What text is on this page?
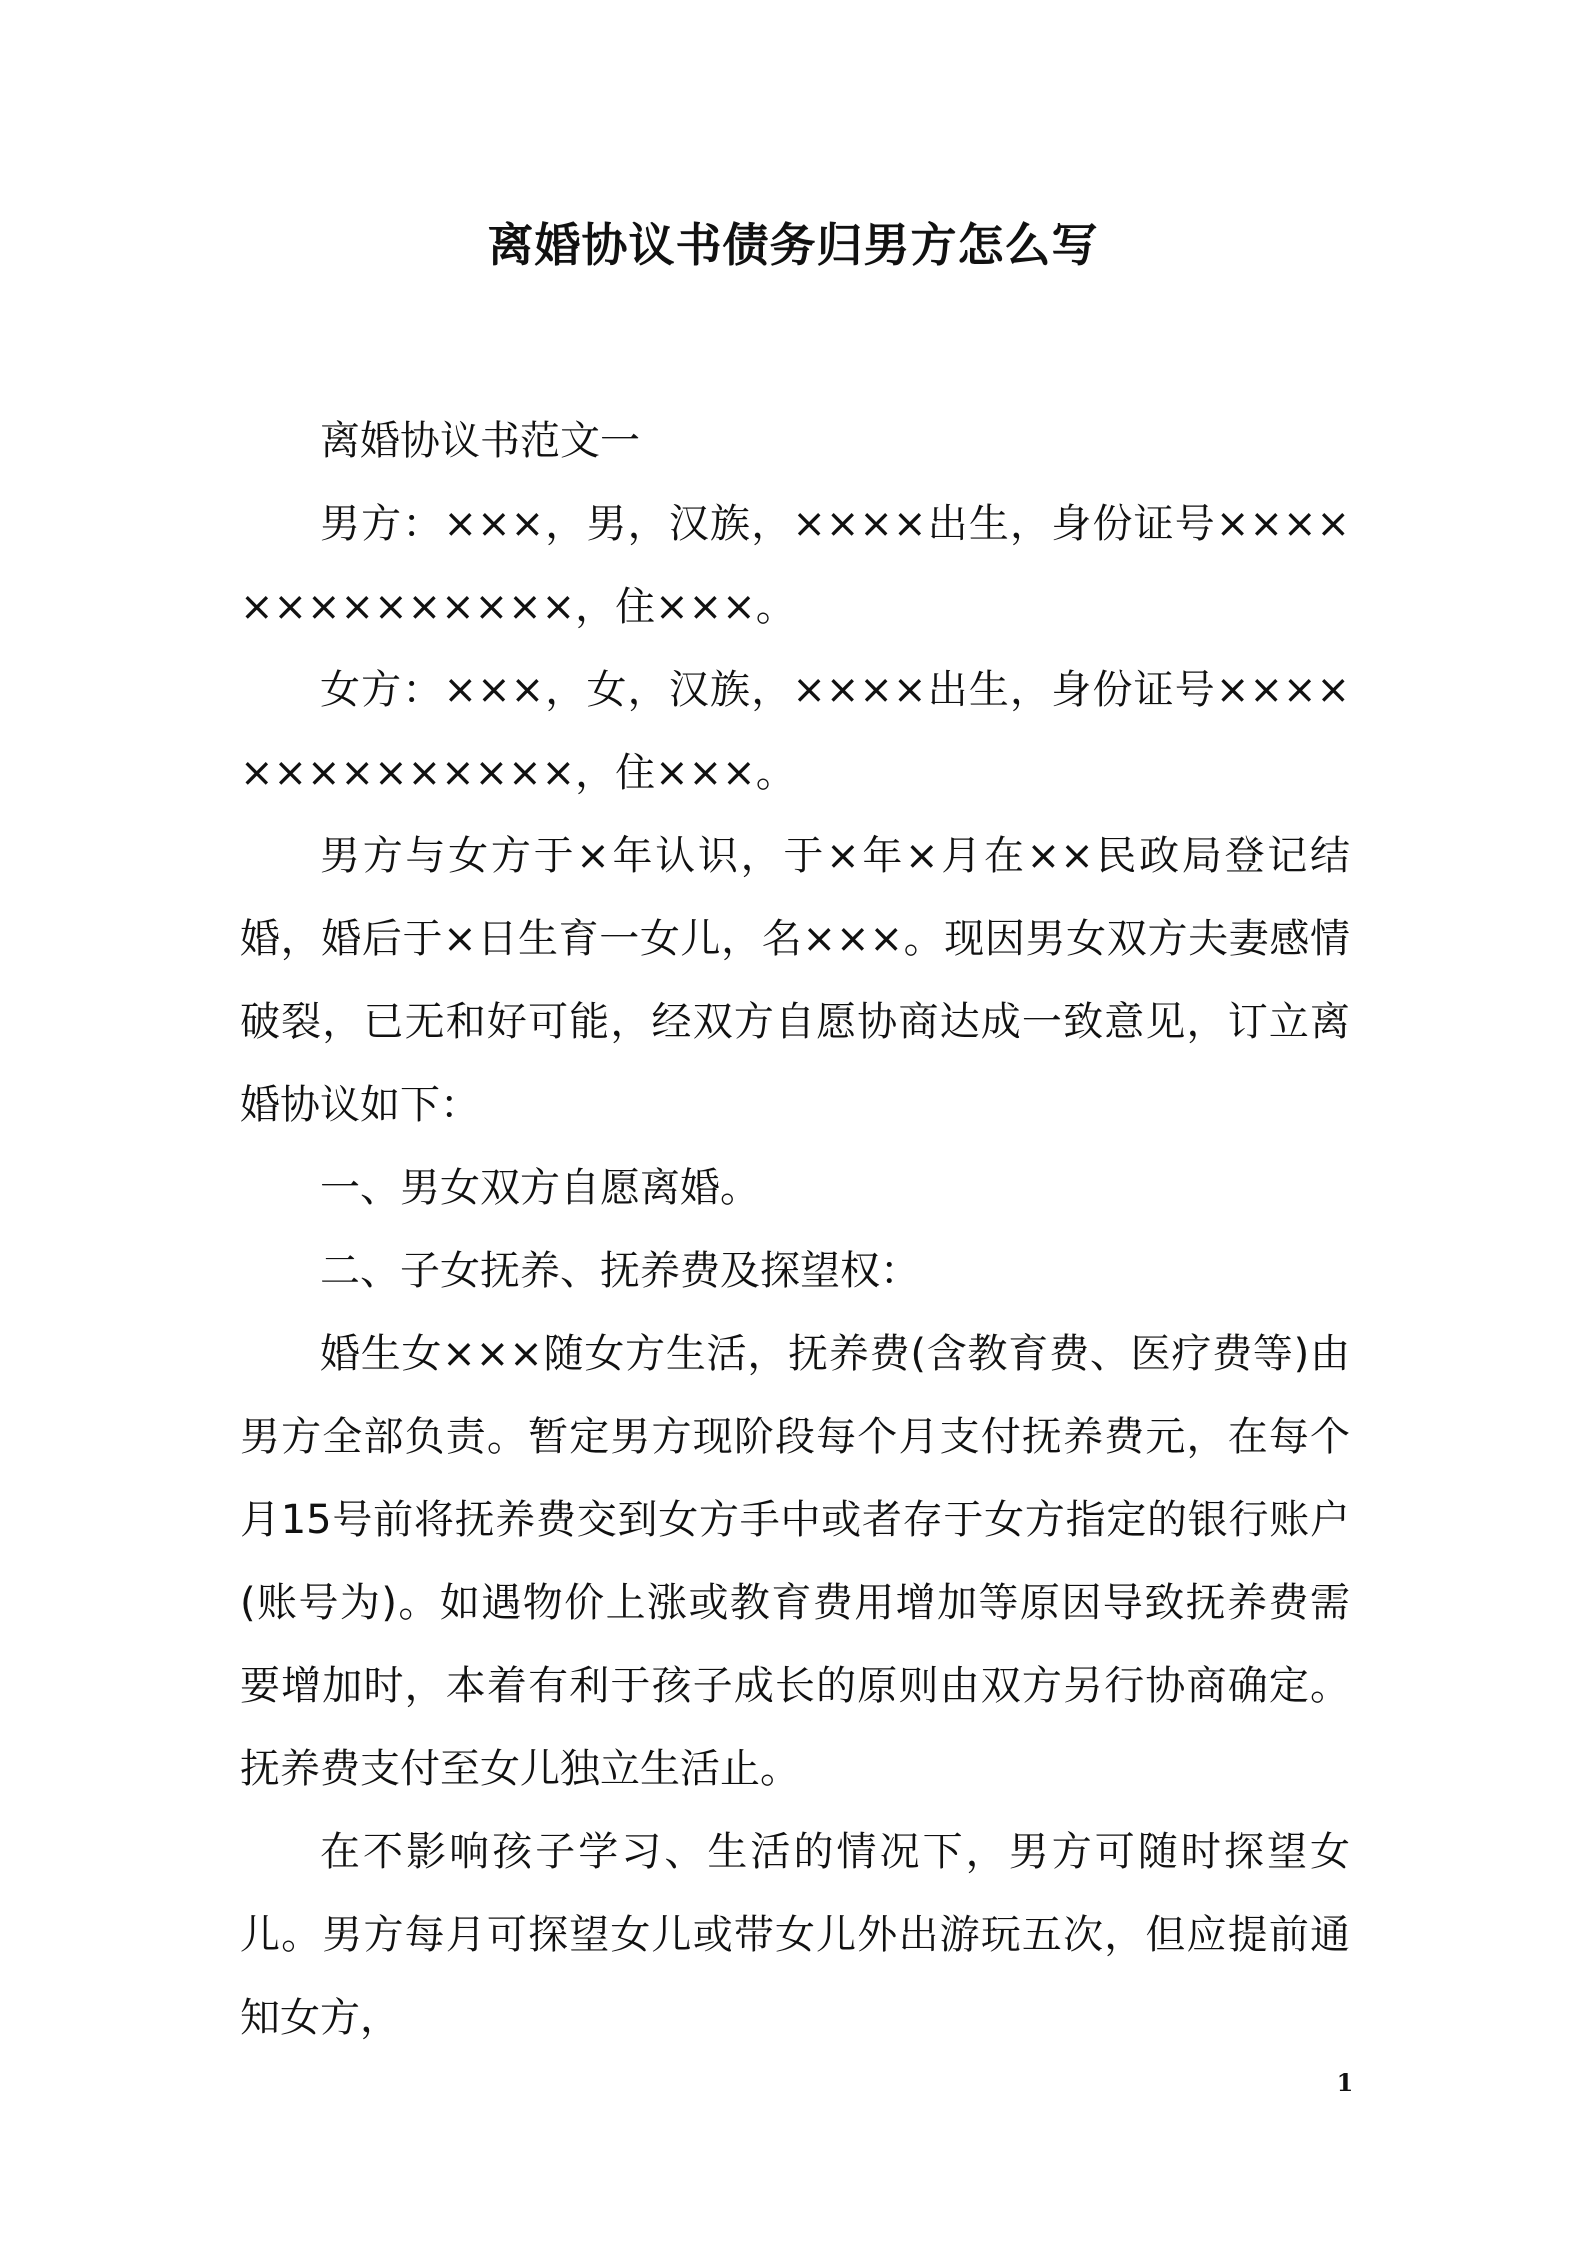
离婚协议书债务归男方怎么写

离婚协议书范文一

男方：×××，男，汉族，××××出生，身份证号××××××××××××××，住×××。

女方：×××，女，汉族，××××出生，身份证号××××××××××××××，住×××。

男方与女方于×年认识，于×年×月在××民政局登记结婚，婚后于×日生育一女儿，名×××。现因男女双方夫妻感情破裂，已无和好可能，经双方自愿协商达成一致意见，订立离婚协议如下：

一、男女双方自愿离婚。

二、子女抚养、抚养费及探望权：

婚生女×××随女方生活，抚养费(含教育费、医疗费等)由男方全部负责。暂定男方现阶段每个月支付抚养费元，在每个月15号前将抚养费交到女方手中或者存于女方指定的银行账户(账号为)。如遇物价上涨或教育费用增加等原因导致抚养费需要增加时，本着有利于孩子成长的原则由双方另行协商确定。抚养费支付至女儿独立生活止。

在不影响孩子学习、生活的情况下，男方可随时探望女儿。男方每月可探望女儿或带女儿外出游玩五次，但应提前通知女方，

1
